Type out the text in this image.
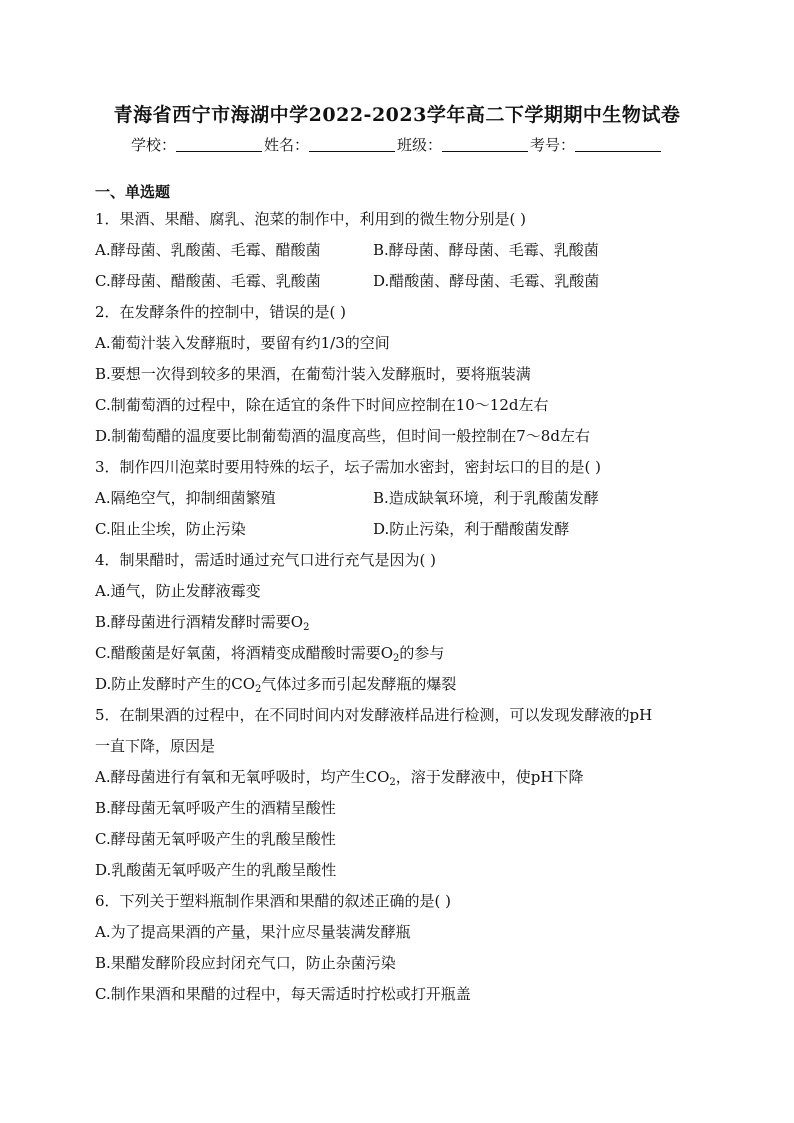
青海省西宁市海湖中学2022-2023学年高二下学期期中生物试卷
学校：	姓名：	班级：	考号：
一、单选题
1．果酒、果醋、腐乳、泡菜的制作中，利用到的微生物分别是( )
A.酵母菌、乳酸菌、毛霉、醋酸菌	B.酵母菌、酵母菌、毛霉、乳酸菌
C.酵母菌、醋酸菌、毛霉、乳酸菌	D.醋酸菌、酵母菌、毛霉、乳酸菌
2．在发酵条件的控制中，错误的是( )
A.葡萄汁装入发酵瓶时，要留有约1/3的空间
B.要想一次得到较多的果酒，在葡萄汁装入发酵瓶时，要将瓶装满
C.制葡萄酒的过程中，除在适宜的条件下时间应控制在10～12d左右
D.制葡萄醋的温度要比制葡萄酒的温度高些，但时间一般控制在7～8d左右
3．制作四川泡菜时要用特殊的坛子，坛子需加水密封，密封坛口的目的是( )
A.隔绝空气，抑制细菌繁殖	B.造成缺氧环境，利于乳酸菌发酵
C.阻止尘埃，防止污染	D.防止污染，利于醋酸菌发酵
4．制果醋时，需适时通过充气口进行充气是因为( )
A.通气，防止发酵液霉变
B.酵母菌进行酒精发酵时需要$O_2$
C.醋酸菌是好氧菌，将酒精变成醋酸时需要$O_2$的参与
D.防止发酵时产生的$CO_2$气体过多而引起发酵瓶的爆裂
5．在制果酒的过程中，在不同时间内对发酵液样品进行检测，可以发现发酵液的pH
一直下降，原因是
A.酵母菌进行有氧和无氧呼吸时，均产生$CO_2$，溶于发酵液中，使pH下降
B.酵母菌无氧呼吸产生的酒精呈酸性
C.酵母菌无氧呼吸产生的乳酸呈酸性
D.乳酸菌无氧呼吸产生的乳酸呈酸性
6．下列关于塑料瓶制作果酒和果醋的叙述正确的是( )
A.为了提高果酒的产量，果汁应尽量装满发酵瓶
B.果醋发酵阶段应封闭充气口，防止杂菌污染
C.制作果酒和果醋的过程中，每天需适时拧松或打开瓶盖
